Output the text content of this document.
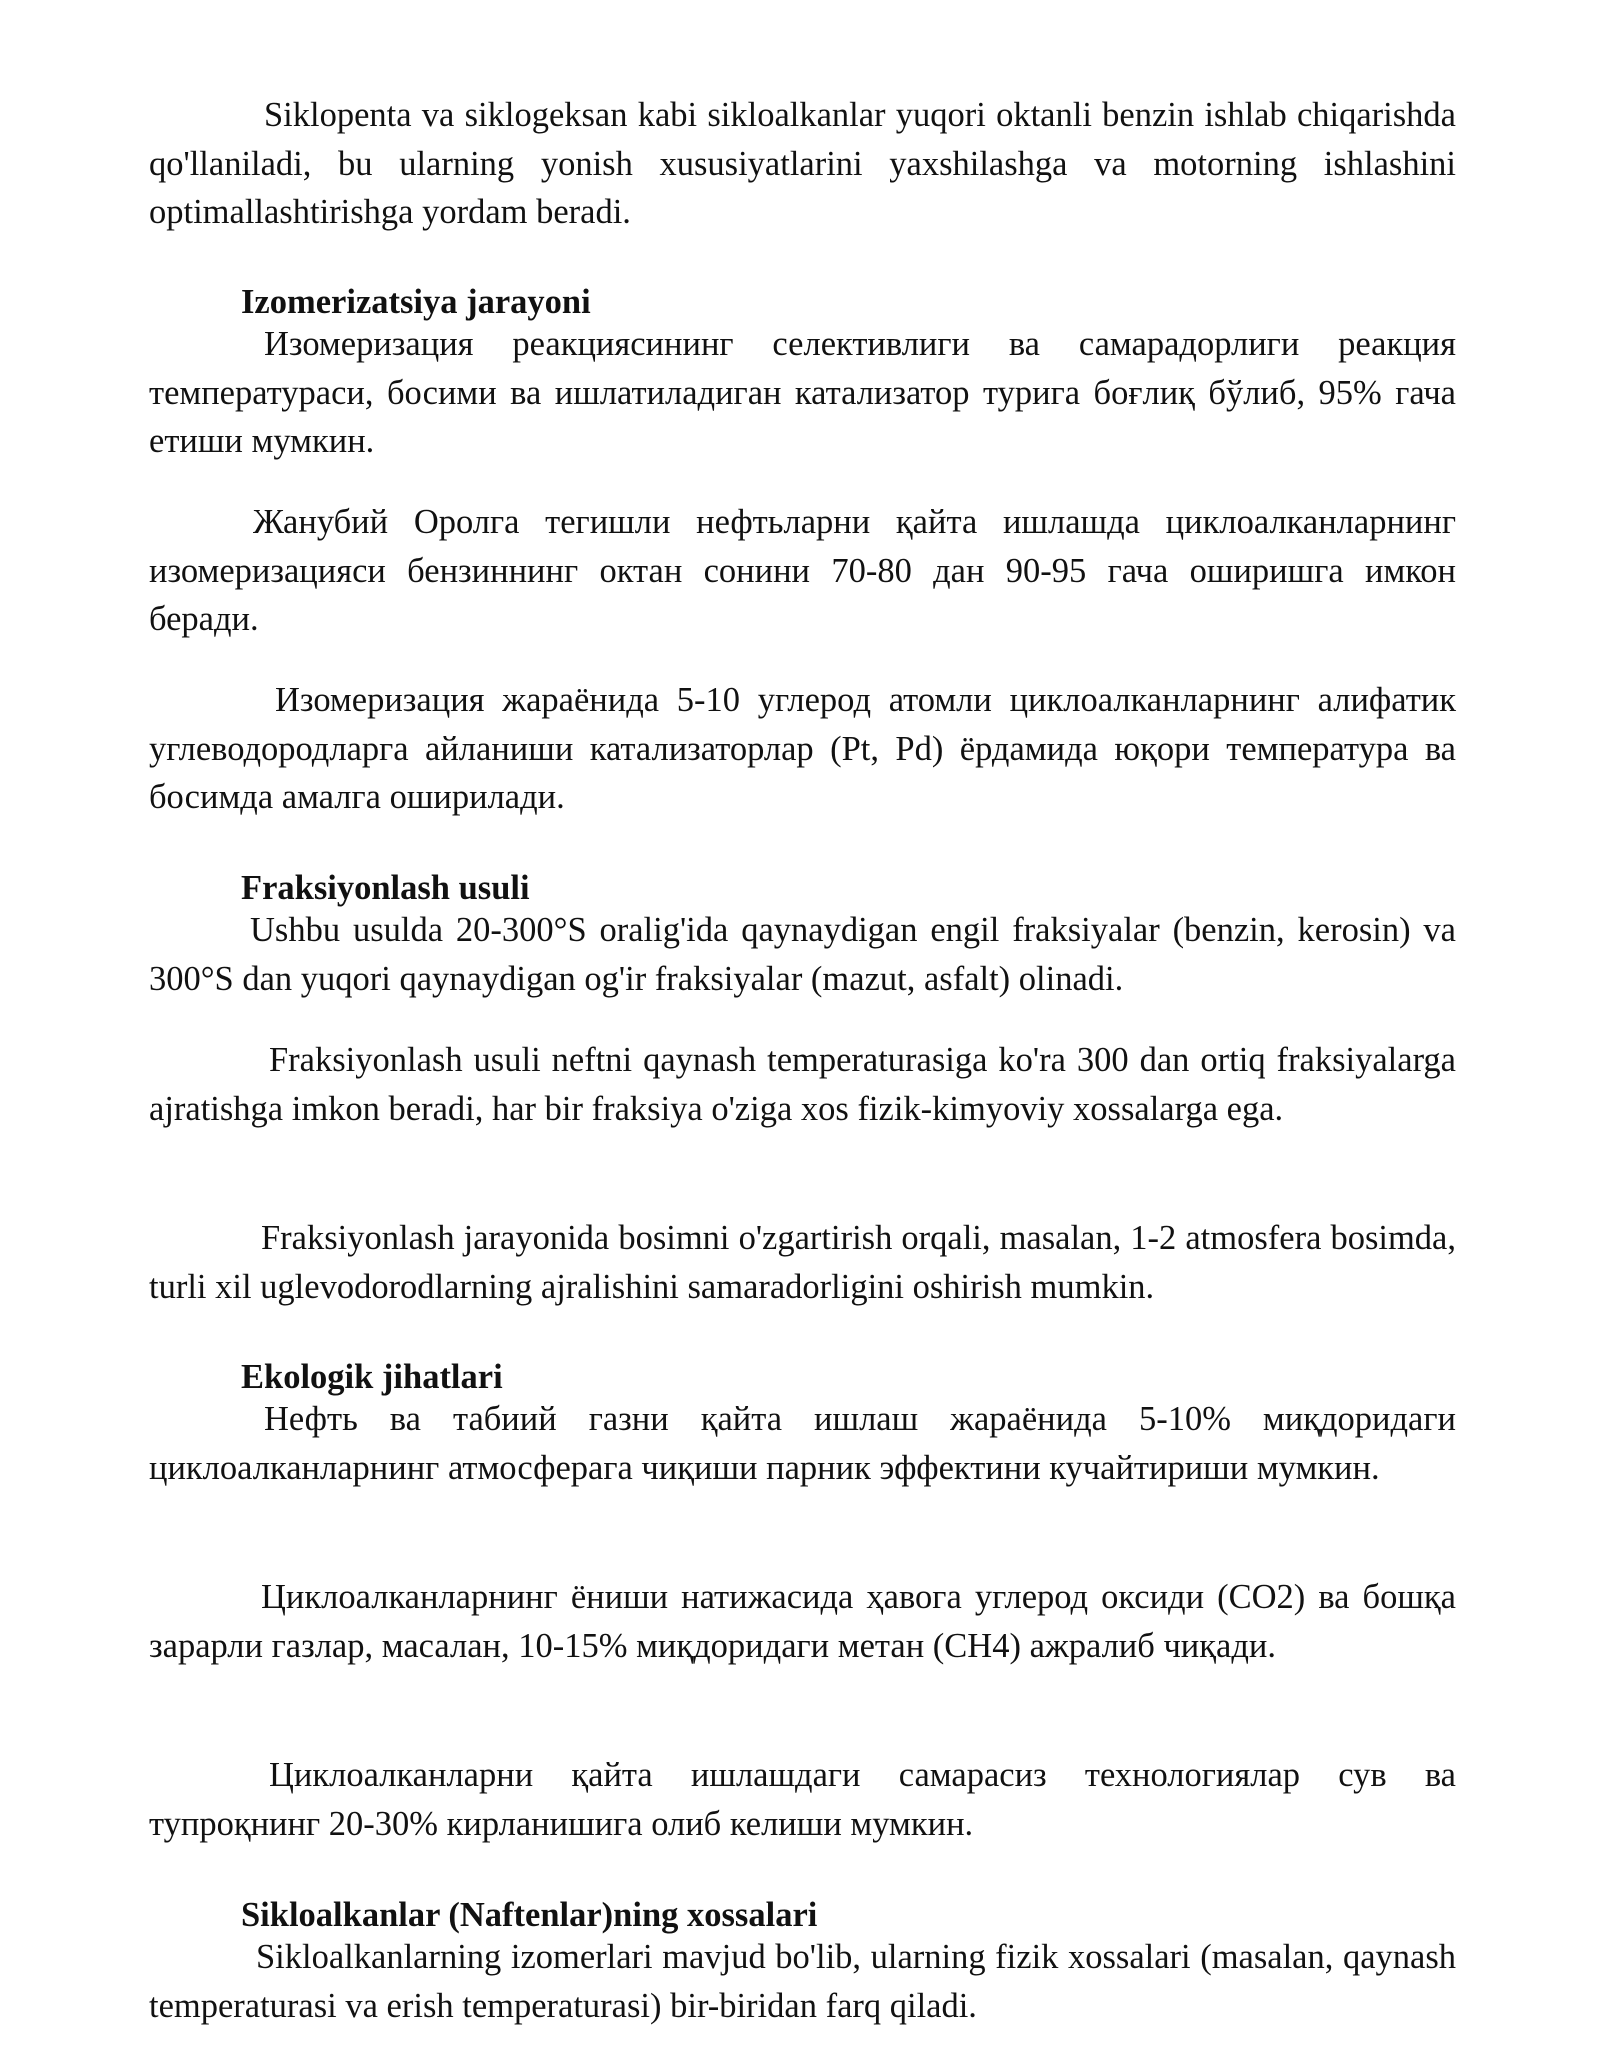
Siklopenta va siklogeksan kabi sikloalkanlar yuqori oktanli benzin ishlab chiqarishda qo'llaniladi, bu ularning yonish xususiyatlarini yaxshilashga va motorning ishlashini optimallashtirishga yordam beradi.

Izomerizatsiya jarayoni

Изомеризация реакциясининг селективлиги ва самарадорлиги реакция температураси, босими ва ишлатиладиган катализатор турига боғлиқ бўлиб, 95% гача етиши мумкин.

Жанубий Оролга тегишли нефтьларни қайта ишлашда циклоалканларнинг изомеризацияси бензиннинг октан сонини 70-80 дан 90-95 гача оширишга имкон беради.

Изомеризация жараёнида 5-10 углерод атомли циклоалканларнинг алифатик углеводородларга айланиши катализаторлар (Pt, Pd) ёрдамида юқори температура ва босимда амалга оширилади.

Fraksiyonlash usuli

Ushbu usulda 20-300°S oralig'ida qaynaydigan engil fraksiyalar (benzin, kerosin) va 300°S dan yuqori qaynaydigan og'ir fraksiyalar (mazut, asfalt) olinadi.

Fraksiyonlash usuli neftni qaynash temperaturasiga ko'ra 300 dan ortiq fraksiyalarga ajratishga imkon beradi, har bir fraksiya o'ziga xos fizik-kimyoviy xossalarga ega.

Fraksiyonlash jarayonida bosimni o'zgartirish orqali, masalan, 1-2 atmosfera bosimda, turli xil uglevodorodlarning ajralishini samaradorligini oshirish mumkin.

Ekologik jihatlari

Нефть ва табиий газни қайта ишлаш жараёнида 5-10% миқдоридаги циклоалканларнинг атмосферага чиқиши парник эффектини кучайтириши мумкин.

Циклоалканларнинг ёниши натижасида ҳавога углерод оксиди (CO2) ва бошқа зарарли газлар, масалан, 10-15% миқдоридаги метан (CH4) ажралиб чиқади.

Циклоалканларни қайта ишлашдаги самарасиз технологиялар сув ва тупроқнинг 20-30% кирланишига олиб келиши мумкин.

Sikloalkanlar (Naftenlar)ning xossalari

Sikloalkanlarning izomerlari mavjud bo'lib, ularning fizik xossalari (masalan, qaynash temperaturasi va erish temperaturasi) bir-biridan farq qiladi.
